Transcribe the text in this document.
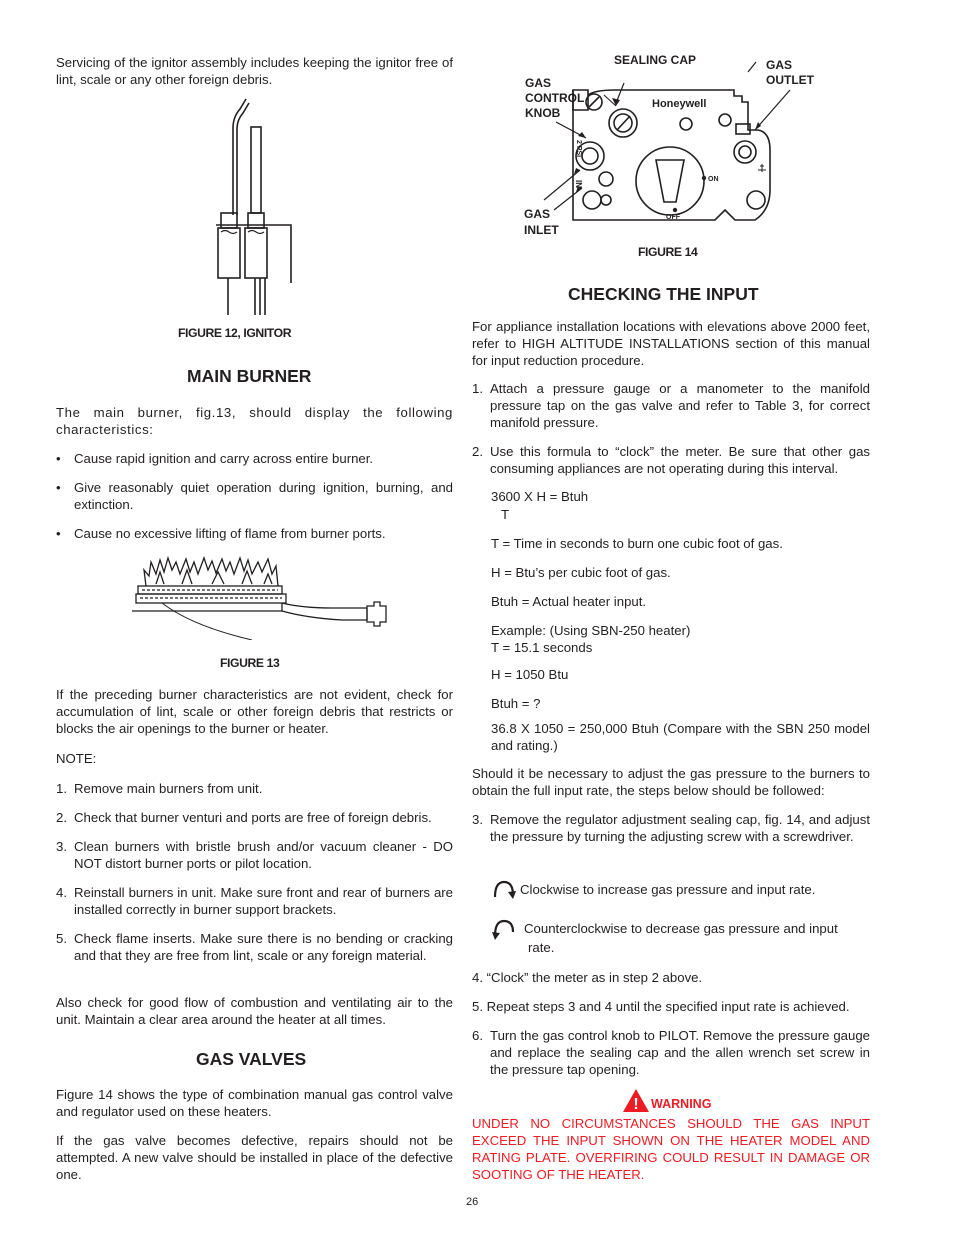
Servicing of the ignitor assembly includes keeping the ignitor free of lint, scale or any other foreign debris.

FIGURE 12, IGNITOR

MAIN BURNER

The main burner, fig.13, should display the following characteristics:

• Cause rapid ignition and carry across entire burner.
• Give reasonably quiet operation during ignition, burning, and extinction.
• Cause no excessive lifting of flame from burner ports.

FIGURE 13

If the preceding burner characteristics are not evident, check for accumulation of lint, scale or other foreign debris that restricts or blocks the air openings to the burner or heater.

NOTE:

1. Remove main burners from unit.
2. Check that burner venturi and ports are free of foreign debris.
3. Clean burners with bristle brush and/or vacuum cleaner - DO NOT distort burner ports or pilot location.
4. Reinstall burners in unit. Make sure front and rear of burners are installed correctly in burner support brackets.
5. Check flame inserts. Make sure there is no bending or cracking and that they are free from lint, scale or any foreign material.

Also check for good flow of combustion and ventilating air to the unit. Maintain a clear area around the heater at all times.

GAS VALVES

Figure 14 shows the type of combination manual gas control valve and regulator used on these heaters.

If the gas valve becomes defective, repairs should not be attempted. A new valve should be installed in place of the defective one.

SEALING CAP	GAS
OUTLET
GAS
CONTROL
KNOB
GAS
INLET
Honeywell
ON
OFF
2 PSI
IN

FIGURE 14

CHECKING THE INPUT

For appliance installation locations with elevations above 2000 feet, refer to HIGH ALTITUDE INSTALLATIONS section of this manual for input reduction procedure.

1. Attach a pressure gauge or a manometer to the manifold pressure tap on the gas valve and refer to Table 3, for correct manifold pressure.
2. Use this formula to “clock” the meter. Be sure that other gas consuming appliances are not operating during this interval.

3600 X H = Btuh

T

T = Time in seconds to burn one cubic foot of gas.

H = Btu’s per cubic foot of gas.

Btuh = Actual heater input.

Example: (Using SBN-250 heater)

T = 15.1 seconds

H = 1050 Btu

Btuh = ?

36.8 X 1050 = 250,000 Btuh (Compare with the SBN 250 model and rating.)

Should it be necessary to adjust the gas pressure to the burners to obtain the full input rate, the steps below should be followed:

3. Remove the regulator adjustment sealing cap, fig. 14, and adjust the pressure by turning the adjusting screw with a screwdriver.

Clockwise to increase gas pressure and input rate.

Counterclockwise to decrease gas pressure and input

rate.

4. “Clock” the meter as in step 2 above.

5. Repeat steps 3 and 4 until the specified input rate is achieved.

6. Turn the gas control knob to PILOT. Remove the pressure gauge and replace the sealing cap and the allen wrench set screw in the pressure tap opening.
! WARNING

UNDER NO CIRCUMSTANCES SHOULD THE GAS INPUT EXCEED THE INPUT SHOWN ON THE HEATER MODEL AND RATING PLATE. OVERFIRING COULD RESULT IN DAMAGE OR SOOTING OF THE HEATER.

26
